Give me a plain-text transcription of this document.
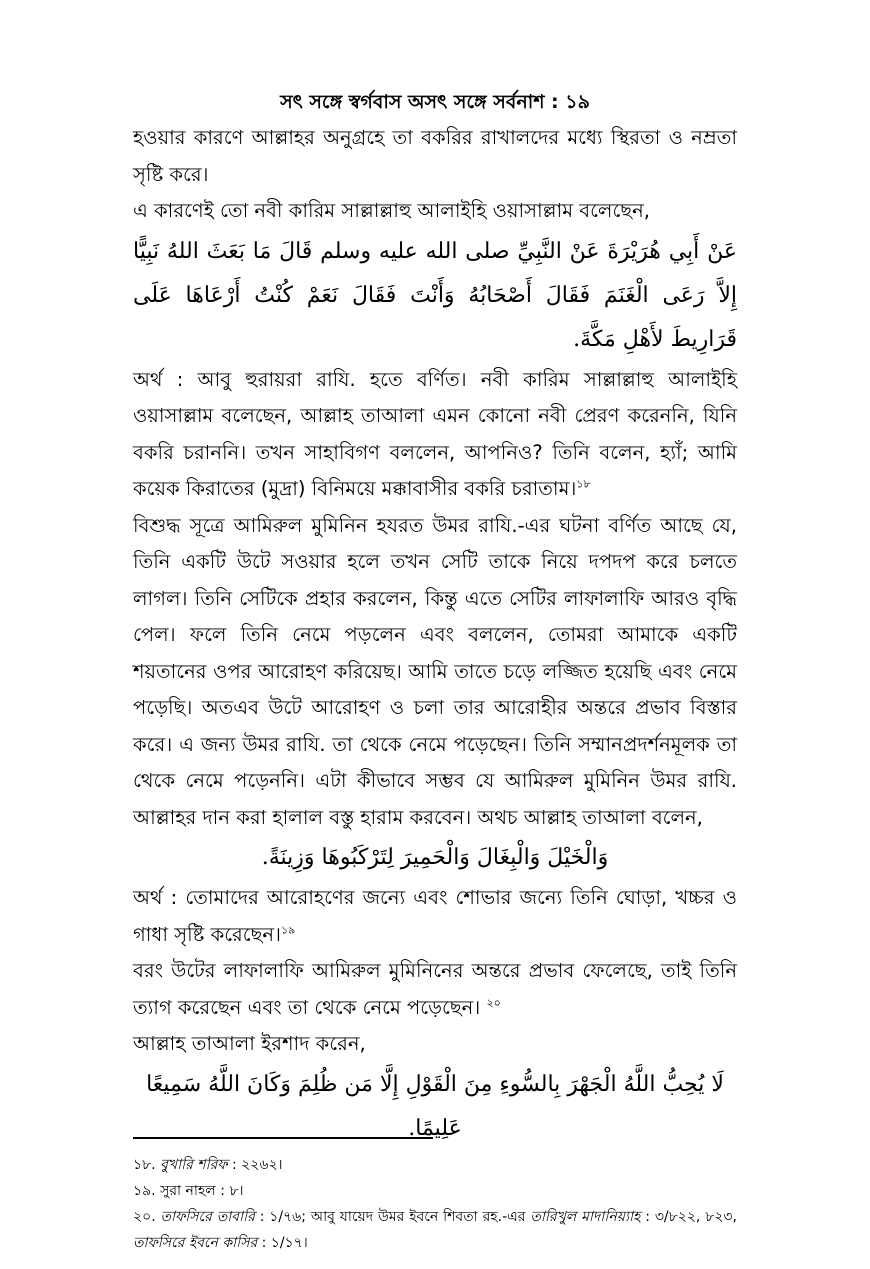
সৎ সঙ্গে স্বর্গবাস অসৎ সঙ্গে সর্বনাশ : ১৯

হওয়ার কারণে আল্লাহর অনুগ্রহে তা বকরির রাখালদের মধ্যে স্থিরতা ও নম্রতা সৃষ্টি করে।

এ কারণেই তো নবী কারিম সাল্লাল্লাহু আলাইহি ওয়াসাল্লাম বলেছেন,

عَنْ أَبِي هُرَيْرَةَ عَنْ النَّبِيِّ صلى الله عليه وسلم قَالَ مَا بَعَثَ اللهُ نَبِيًّا إِلاَّ رَعَى الْغَنَمَ فَقَالَ أَصْحَابُهُ وَأَنْتَ فَقَالَ نَعَمْ كُنْتُ أَرْعَاهَا عَلَى قَرَارِيطَ لأَهْلِ مَكَّةَ.

অর্থ : আবু হুরায়রা রাযি. হতে বর্ণিত। নবী কারিম সাল্লাল্লাহু আলাইহি ওয়াসাল্লাম বলেছেন, আল্লাহ তাআলা এমন কোনো নবী প্রেরণ করেননি, যিনি বকরি চরাননি। তখন সাহাবিগণ বললেন, আপনিও? তিনি বলেন, হ্যাঁ; আমি কয়েক কিরাতের (মুদ্রা) বিনিময়ে মক্কাবাসীর বকরি চরাতাম।$^{১৮}$

বিশুদ্ধ সূত্রে আমিরুল মুমিনিন হযরত উমর রাযি.-এর ঘটনা বর্ণিত আছে যে, তিনি একটি উটে সওয়ার হলে তখন সেটি তাকে নিয়ে দপদপ করে চলতে লাগল। তিনি সেটিকে প্রহার করলেন, কিন্তু এতে সেটির লাফালাফি আরও বৃদ্ধি পেল। ফলে তিনি নেমে পড়লেন এবং বললেন, তোমরা আমাকে একটি শয়তানের ওপর আরোহণ করিয়েছ। আমি তাতে চড়ে লজ্জিত হয়েছি এবং নেমে পড়েছি। অতএব উটে আরোহণ ও চলা তার আরোহীর অন্তরে প্রভাব বিস্তার করে। এ জন্য উমর রাযি. তা থেকে নেমে পড়েছেন। তিনি সম্মানপ্রদর্শনমূলক তা থেকে নেমে পড়েননি। এটা কীভাবে সম্ভব যে আমিরুল মুমিনিন উমর রাযি. আল্লাহর দান করা হালাল বস্তু হারাম করবেন। অথচ আল্লাহ তাআলা বলেন,

وَالْخَيْلَ وَالْبِغَالَ وَالْحَمِيرَ لِتَرْكَبُوهَا وَزِينَةً.

অর্থ : তোমাদের আরোহণের জন্যে এবং শোভার জন্যে তিনি ঘোড়া, খচ্চর ও গাধা সৃষ্টি করেছেন।$^{১৯}$

বরং উটের লাফালাফি আমিরুল মুমিনিনের অন্তরে প্রভাব ফেলেছে, তাই তিনি ত্যাগ করেছেন এবং তা থেকে নেমে পড়েছেন। $^{২০}$

আল্লাহ তাআলা ইরশাদ করেন,

لَا يُحِبُّ اللَّهُ الْجَهْرَ بِالسُّوءِ مِنَ الْقَوْلِ إِلَّا مَن ظُلِمَ وَكَانَ اللَّهُ سَمِيعًا عَلِيمًا.

১৮. বুখারি শরিফ : ২২৬২।

১৯. সুরা নাহল : ৮।

২০. তাফসিরে তাবারি : ১/৭৬; আবু যায়েদ উমর ইবনে শিবতা রহ.-এর তারিখুল মাদানিয়্যাহ : ৩/৮২২, ৮২৩, তাফসিরে ইবনে কাসির : ১/১৭।
